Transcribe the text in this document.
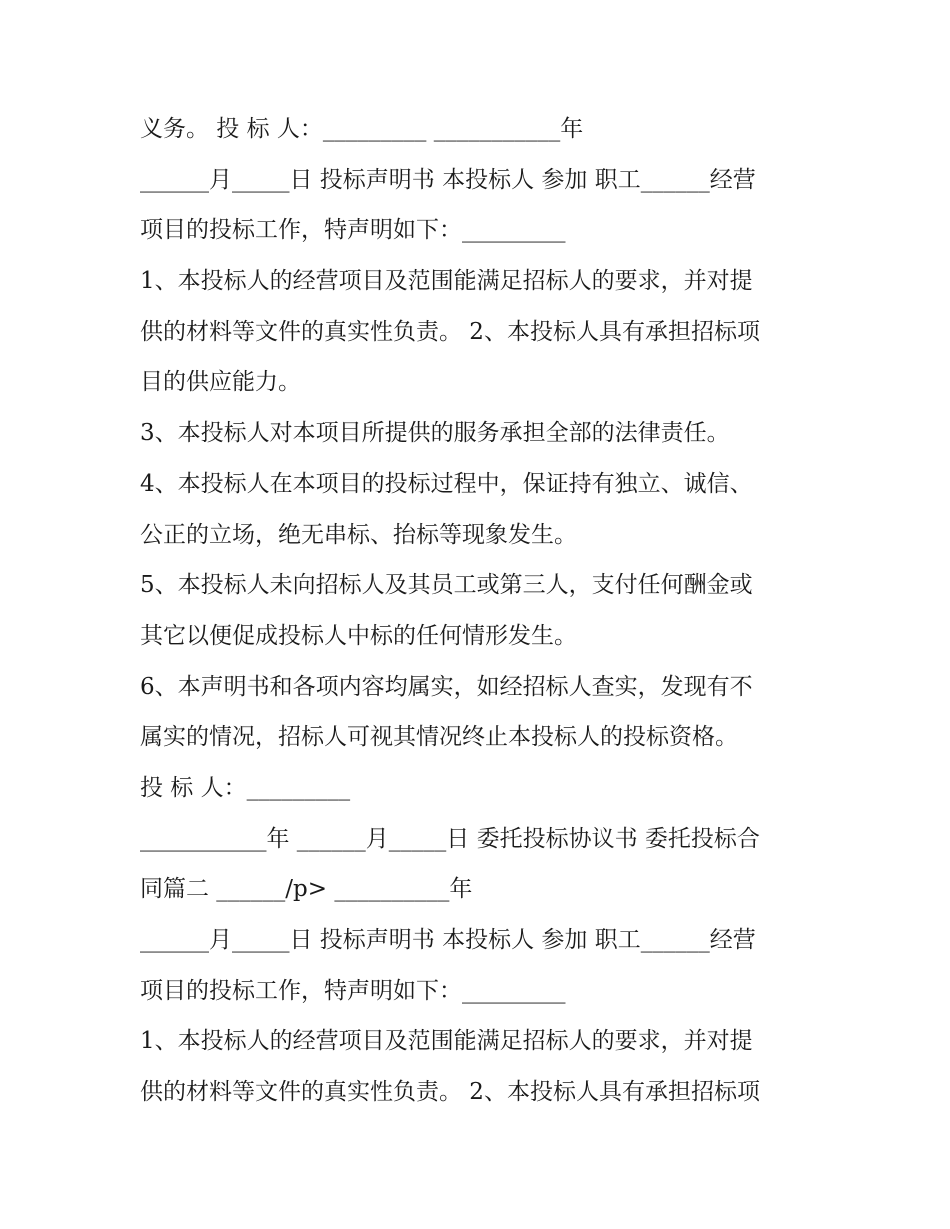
义务。 投 标 人：_________ ___________年

______月_____日 投标声明书 本投标人 参加 职工______经营

项目的投标工作，特声明如下：_________

1、本投标人的经营项目及范围能满足招标人的要求，并对提

供的材料等文件的真实性负责。 2、本投标人具有承担招标项

目的供应能力。

3、本投标人对本项目所提供的服务承担全部的法律责任。

4、本投标人在本项目的投标过程中，保证持有独立、诚信、

公正的立场，绝无串标、抬标等现象发生。

5、本投标人未向招标人及其员工或第三人，支付任何酬金或

其它以便促成投标人中标的任何情形发生。

6、本声明书和各项内容均属实，如经招标人查实，发现有不

属实的情况，招标人可视其情况终止本投标人的投标资格。

投 标 人：_________

___________年 ______月_____日 委托投标协议书 委托投标合

同篇二 ______/p> __________年

______月_____日 投标声明书 本投标人 参加 职工______经营

项目的投标工作，特声明如下：_________

1、本投标人的经营项目及范围能满足招标人的要求，并对提

供的材料等文件的真实性负责。 2、本投标人具有承担招标项
